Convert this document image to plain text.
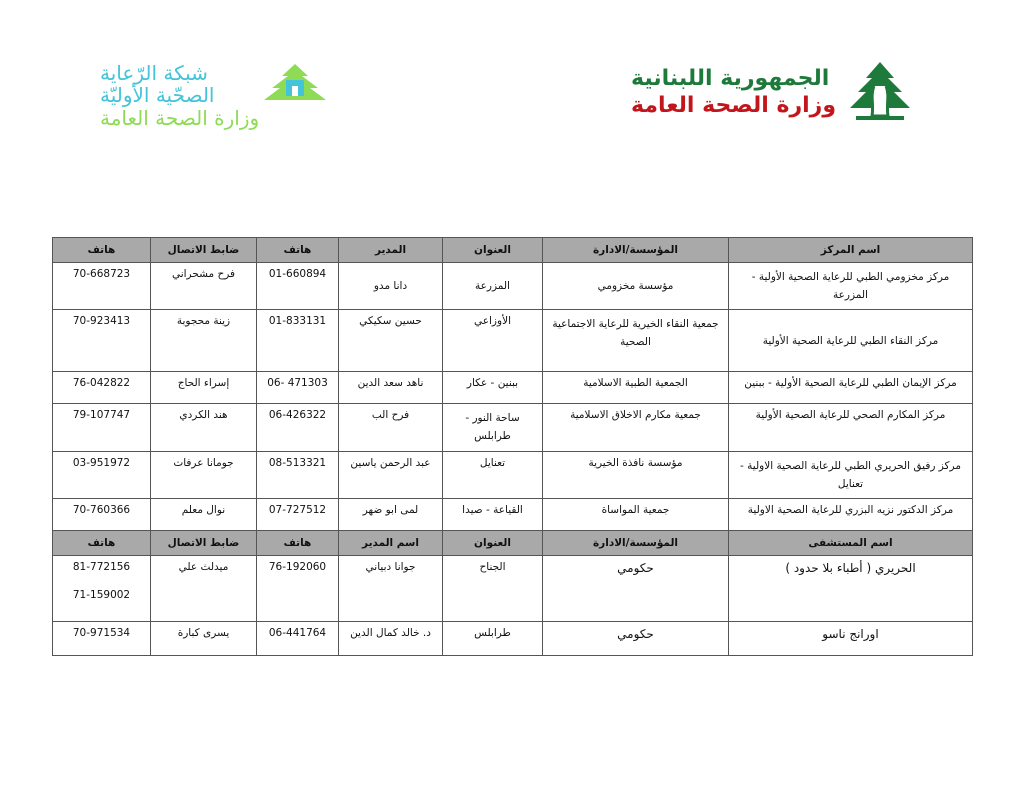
الجمهورية اللبنانية
وزارة الصحة العامة
شبكة الرّعاية
الصحّية الأوليّة
وزارة الصحة العامة
اسم المركز	المؤسسة/الادارة	العنوان	المدير	هاتف	ضابط الاتصال	هاتف
مركز مخزومي الطبي للرعاية الصحية الأولية - المزرعة	مؤسسة مخزومي	المزرعة	دانا مدو	01-660894	فرح مشحراني	70-668723
مركز النقاء الطبي للرعاية الصحية الأولية	جمعية النقاء الخيرية للرعاية الاجتماعية الصحية	الأوزاعي	حسين سكيكي	01-833131	زينة محجوبة	70-923413
مركز الإيمان الطبي للرعاية الصحية الأولية - ببنين	الجمعية الطبية الاسلامية	ببنين - عكار	ناهد سعد الدين	06- 471303	إسراء الحاج	76-042822
مركز المكارم الصحي للرعاية الصحية الأولية	جمعية مكارم الاخلاق الاسلامية	ساحة النور - طرابلس	فرح الب	06-426322	هند الكردي	79-107747
مركز رفيق الحريري الطبي للرعاية الصحية الاولية - تعنايل	مؤسسة نافذة الخيرية	تعنايل	عبد الرحمن ياسين	08-513321	جومانا عرفات	03-951972
مركز الدكتور نزيه البزري للرعاية الصحية الاولية	جمعية المواساة	القياعة - صيدا	لمى ابو ضهر	07-727512	نوال معلم	70-760366
اسم المستشفى	المؤسسة/الادارة	العنوان	اسم المدير	هاتف	ضابط الاتصال	هاتف
الحريري ( أطباء بلا حدود )	حكومي	الجناح	جوانا دبياني	76-192060	ميدلث علي	81-772156
71-159002

اورانج ناسو	حكومي	طرابلس	د. خالد كمال الدين	06-441764	يسرى كبارة	70-971534
